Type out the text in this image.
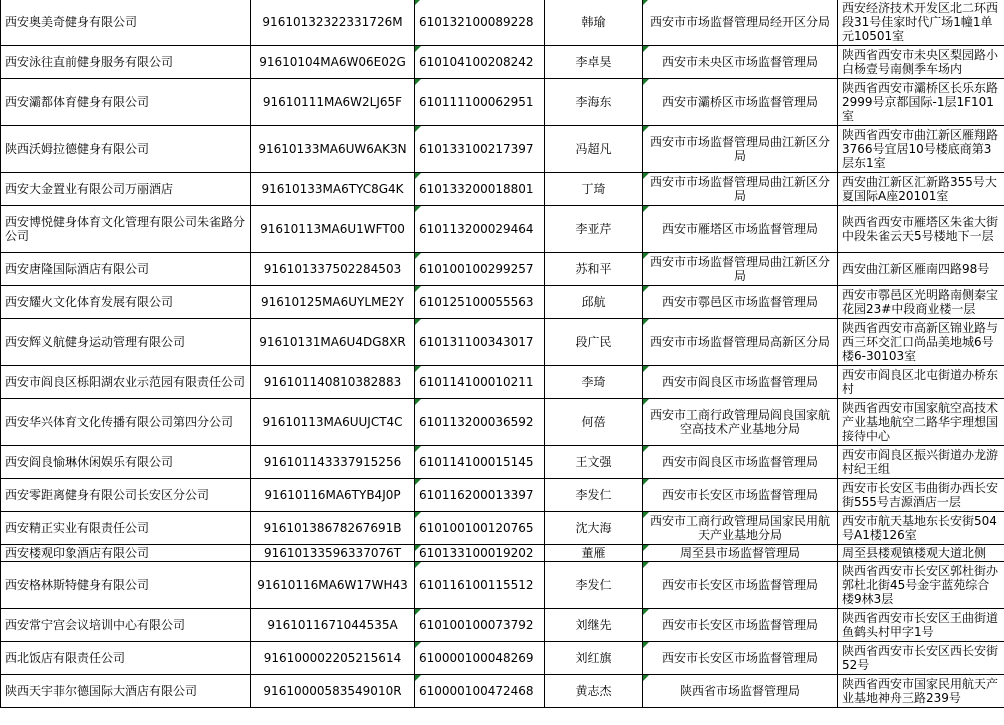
西安奥美奇健身有限公司	91610132322331726M	610132100089228	韩瑜	西安市市场监督管理局经开区分局	西安经济技术开发区北二环西段31号佳家时代广场1幢1单元10501室
西安泳往直前健身服务有限公司	91610104MA6W06E02G	610104100208242	李卓昊	西安市未央区市场监督管理局	陕西省西安市未央区梨园路小白杨壹号南侧季车场内
西安灞都体育健身有限公司	91610111MA6W2LJ65F	610111100062951	李海东	西安市灞桥区市场监督管理局	陕西省西安市灞桥区长乐东路2999号京都国际-1层1F101室
陕西沃姆拉德健身有限公司	91610133MA6UW6AK3N	610133100217397	冯超凡	西安市市场监督管理局曲江新区分局	陕西省西安市曲江新区雁翔路3766号宜居10号楼底商第3层东1室
西安大金置业有限公司万丽酒店	91610133MA6TYC8G4K	610133200018801	丁琦	西安市市场监督管理局曲江新区分局	西安曲江新区汇新路355号大夏国际A座20101室
西安博悦健身体育文化管理有限公司朱雀路分公司	91610113MA6U1WFT00	610113200029464	李亚芹	西安市雁塔区市场监督管理局	陕西省西安市雁塔区朱雀大街中段朱雀云天5号楼地下一层
西安唐隆国际酒店有限公司	916101337502284503	610100100299257	苏和平	西安市市场监督管理局曲江新区分局	西安曲江新区雁南四路98号
西安耀火文化体育发展有限公司	91610125MA6UYLME2Y	610125100055563	邱航	西安市鄠邑区市场监督管理局	西安市鄠邑区光明路南侧秦宝花园23#中段商业楼一层
西安辉义航健身运动管理有限公司	91610131MA6U4DG8XR	610131100343017	段广民	西安市市场监督管理局高新区分局	陕西省西安市高新区锦业路与西三环交汇口尚品美地城6号楼6-30103室
西安市阎良区栎阳湖农业示范园有限责任公司	916101140810382883	610114100010211	李琦	西安市阎良区市场监督管理局	西安市阎良区北屯街道办桥东村
西安华兴体育文化传播有限公司第四分公司	91610113MA6UUJCT4C	610113200036592	何蓓	西安市工商行政管理局阎良国家航空高技术产业基地分局	陕西省西安市国家航空高技术产业基地航空二路华宇理想国接待中心
西安阎良愉琳休闲娱乐有限公司	916101143337915256	610114100015145	王文强	西安市阎良区市场监督管理局	西安市阎良区振兴街道办龙游村纪王组
西安零距离健身有限公司长安区分公司	91610116MA6TYB4J0P	610116200013397	李发仁	西安市长安区市场监督管理局	西安市长安区韦曲街办西长安街555号吉源酒店一层
西安精正实业有限责任公司	91610138678267691B	610100100120765	沈大海	西安市工商行政管理局国家民用航天产业基地分局	西安市航天基地东长安街504号A1楼126室
西安楼观印象酒店有限公司	91610133596337076T	610133100019202	董雁	周至县市场监督管理局	周至县楼观镇楼观大道北侧
西安格林斯特健身有限公司	91610116MA6W17WH43	610116100115512	李发仁	西安市长安区市场监督管理局	陕西省西安市长安区郭杜街办郭杜北街45号金宇蓝苑综合楼9林3层
西安常宁宫会议培训中心有限公司	9161011671044535A	610100100073792	刘继先	西安市长安区市场监督管理局	陕西省西安市长安区王曲街道鱼鹤头村甲字1号
西北饭店有限责任公司	916100002205215614	610000100048269	刘红旗	西安市长安区市场监督管理局	陕西省西安市长安区西长安街52号
陕西天宇菲尔德国际大酒店有限公司	91610000583549010R	610000100472468	黄志杰	陕西省市场监督管理局	陕西省西安市国家民用航天产业基地神舟三路239号
